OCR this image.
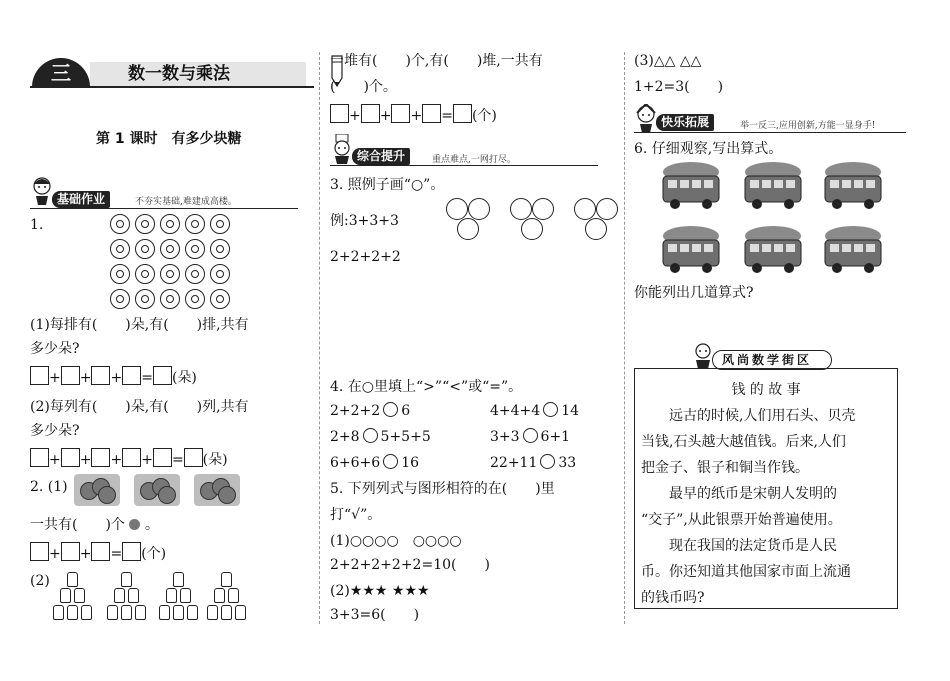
三	数一数与乘法
第 1 课时　有多少块糖
基础作业	不夯实基础,难建成高楼。
1.
(1)每排有(　　)朵,有(　　)排,共有
多少朵?
+ + + = (朵)
(2)每列有(　　)朵,有(　　)列,共有
多少朵?
+ + + + = (朵)
2. (1)
一共有(　　)个  。
+ + = (个)
(2)
一堆有(　　)个,有(　　)堆,一共有
(　　)个。
+ + + = (个)
综合提升	重点难点,一网打尽。
3. 照例子画“○”。
例:3+3+3
2+2+2+2
4. 在○里填上“>”“<”或“=”。
2+2+2 6	4+4+4 14
2+8 5+5+5	3+3 6+1
6+6+6 16	22+11 33
5. 下列列式与图形相符的在(　　)里
打“√”。
(1)○○○○　○○○○
2+2+2+2+2=10(　　)
(2)★★★ ★★★
3+3=6(　　)
(3)△△ △△
1+2=3(　　)
快乐拓展	举一反三,应用创新,方能一显身手!
6. 仔细观察,写出算式。
你能列出几道算式?
风尚数学街区

钱 的 故 事

　　远古的时候,人们用石头、贝壳

当钱,石头越大越值钱。后来,人们

把金子、银子和铜当作钱。

　　最早的纸币是宋朝人发明的

“交子”,从此银票开始普遍使用。

　　现在我国的法定货币是人民

币。你还知道其他国家市面上流通

的钱币吗?
